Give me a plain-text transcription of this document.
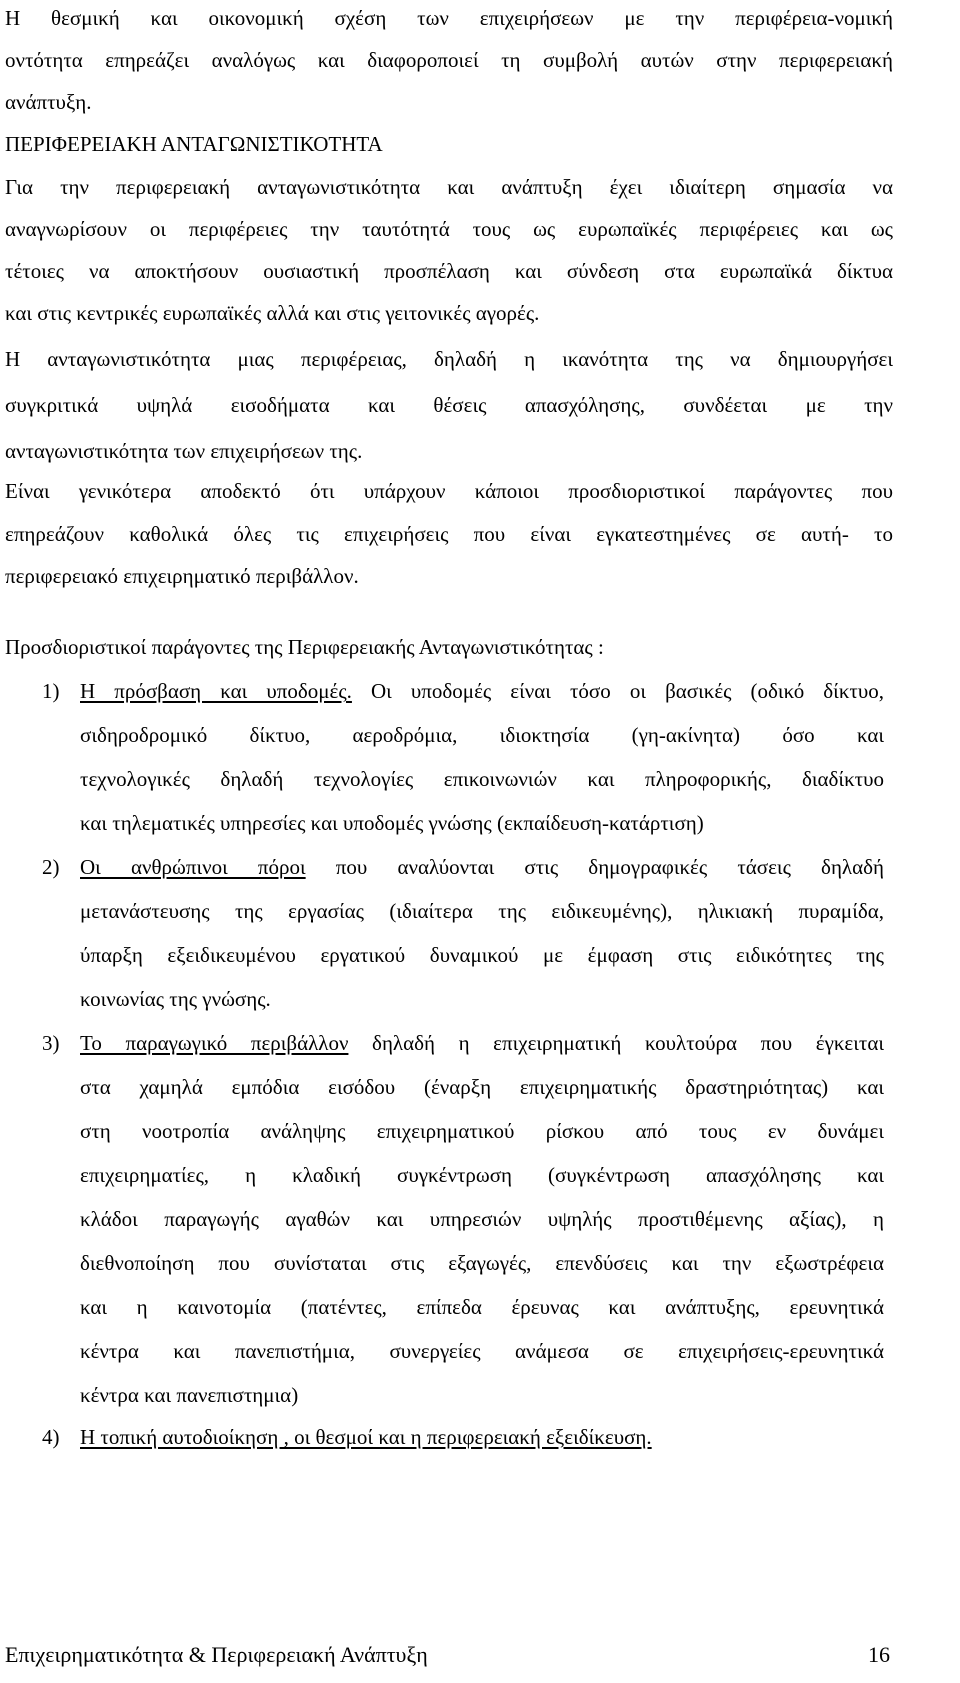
Η θεσμική και οικονομική σχέση των επιχειρήσεων με την περιφέρεια-νομική
οντότητα επηρεάζει αναλόγως και διαφοροποιεί τη συμβολή αυτών στην περιφερειακή
ανάπτυξη.
ΠΕΡΙΦΕΡΕΙΑΚΗ ΑΝΤΑΓΩΝΙΣΤΙΚΟΤΗΤΑ
Για την περιφερειακή ανταγωνιστικότητα και ανάπτυξη έχει ιδιαίτερη σημασία να
αναγνωρίσουν οι περιφέρειες την ταυτότητά τους ως ευρωπαϊκές περιφέρειες και ως
τέτοιες να αποκτήσουν ουσιαστική προσπέλαση και σύνδεση στα ευρωπαϊκά δίκτυα
και στις κεντρικές ευρωπαϊκές αλλά και στις γειτονικές αγορές.
Η ανταγωνιστικότητα μιας περιφέρειας, δηλαδή η ικανότητα της να δημιουργήσει
συγκριτικά υψηλά εισοδήματα και θέσεις απασχόλησης, συνδέεται με την
ανταγωνιστικότητα των επιχειρήσεων της.
Είναι γενικότερα αποδεκτό ότι υπάρχουν κάποιοι προσδιοριστικοί παράγοντες που
επηρεάζουν καθολικά όλες τις επιχειρήσεις που είναι εγκατεστημένες σε αυτή- το
περιφερειακό επιχειρηματικό περιβάλλον.
Προσδιοριστικοί παράγοντες της Περιφερειακής Ανταγωνιστικότητας :
1) Η πρόσβαση και υποδομές. Οι υποδομές είναι τόσο οι βασικές (οδικό δίκτυο,
σιδηροδρομικό δίκτυο, αεροδρόμια, ιδιοκτησία (γη-ακίνητα) όσο και
τεχνολογικές δηλαδή τεχνολογίες επικοινωνιών και πληροφορικής, διαδίκτυο
και τηλεματικές υπηρεσίες και υποδομές γνώσης (εκπαίδευση-κατάρτιση)
2) Οι ανθρώπινοι πόροι που αναλύονται στις δημογραφικές τάσεις δηλαδή
μετανάστευσης της εργασίας (ιδιαίτερα της ειδικευμένης), ηλικιακή πυραμίδα,
ύπαρξη εξειδικευμένου εργατικού δυναμικού με έμφαση στις ειδικότητες της
κοινωνίας της γνώσης.
3) Το παραγωγικό περιβάλλον δηλαδή η επιχειρηματική κουλτούρα που έγκειται
στα χαμηλά εμπόδια εισόδου (έναρξη επιχειρηματικής δραστηριότητας) και
στη νοοτροπία ανάληψης επιχειρηματικού ρίσκου από τους εν δυνάμει
επιχειρηματίες, η κλαδική συγκέντρωση (συγκέντρωση απασχόλησης και
κλάδοι παραγωγής αγαθών και υπηρεσιών υψηλής προστιθέμενης αξίας), η
διεθνοποίηση που συνίσταται στις εξαγωγές, επενδύσεις και την εξωστρέφεια
και η καινοτομία (πατέντες, επίπεδα έρευνας και ανάπτυξης, ερευνητικά
κέντρα και πανεπιστήμια, συνεργείες ανάμεσα σε επιχειρήσεις-ερευνητικά
κέντρα και πανεπιστημια)
4) Η τοπική αυτοδιοίκηση , οι θεσμοί και η περιφερειακή εξειδίκευση.
Επιχειρηματικότητα & Περιφερειακή Ανάπτυξη	16
